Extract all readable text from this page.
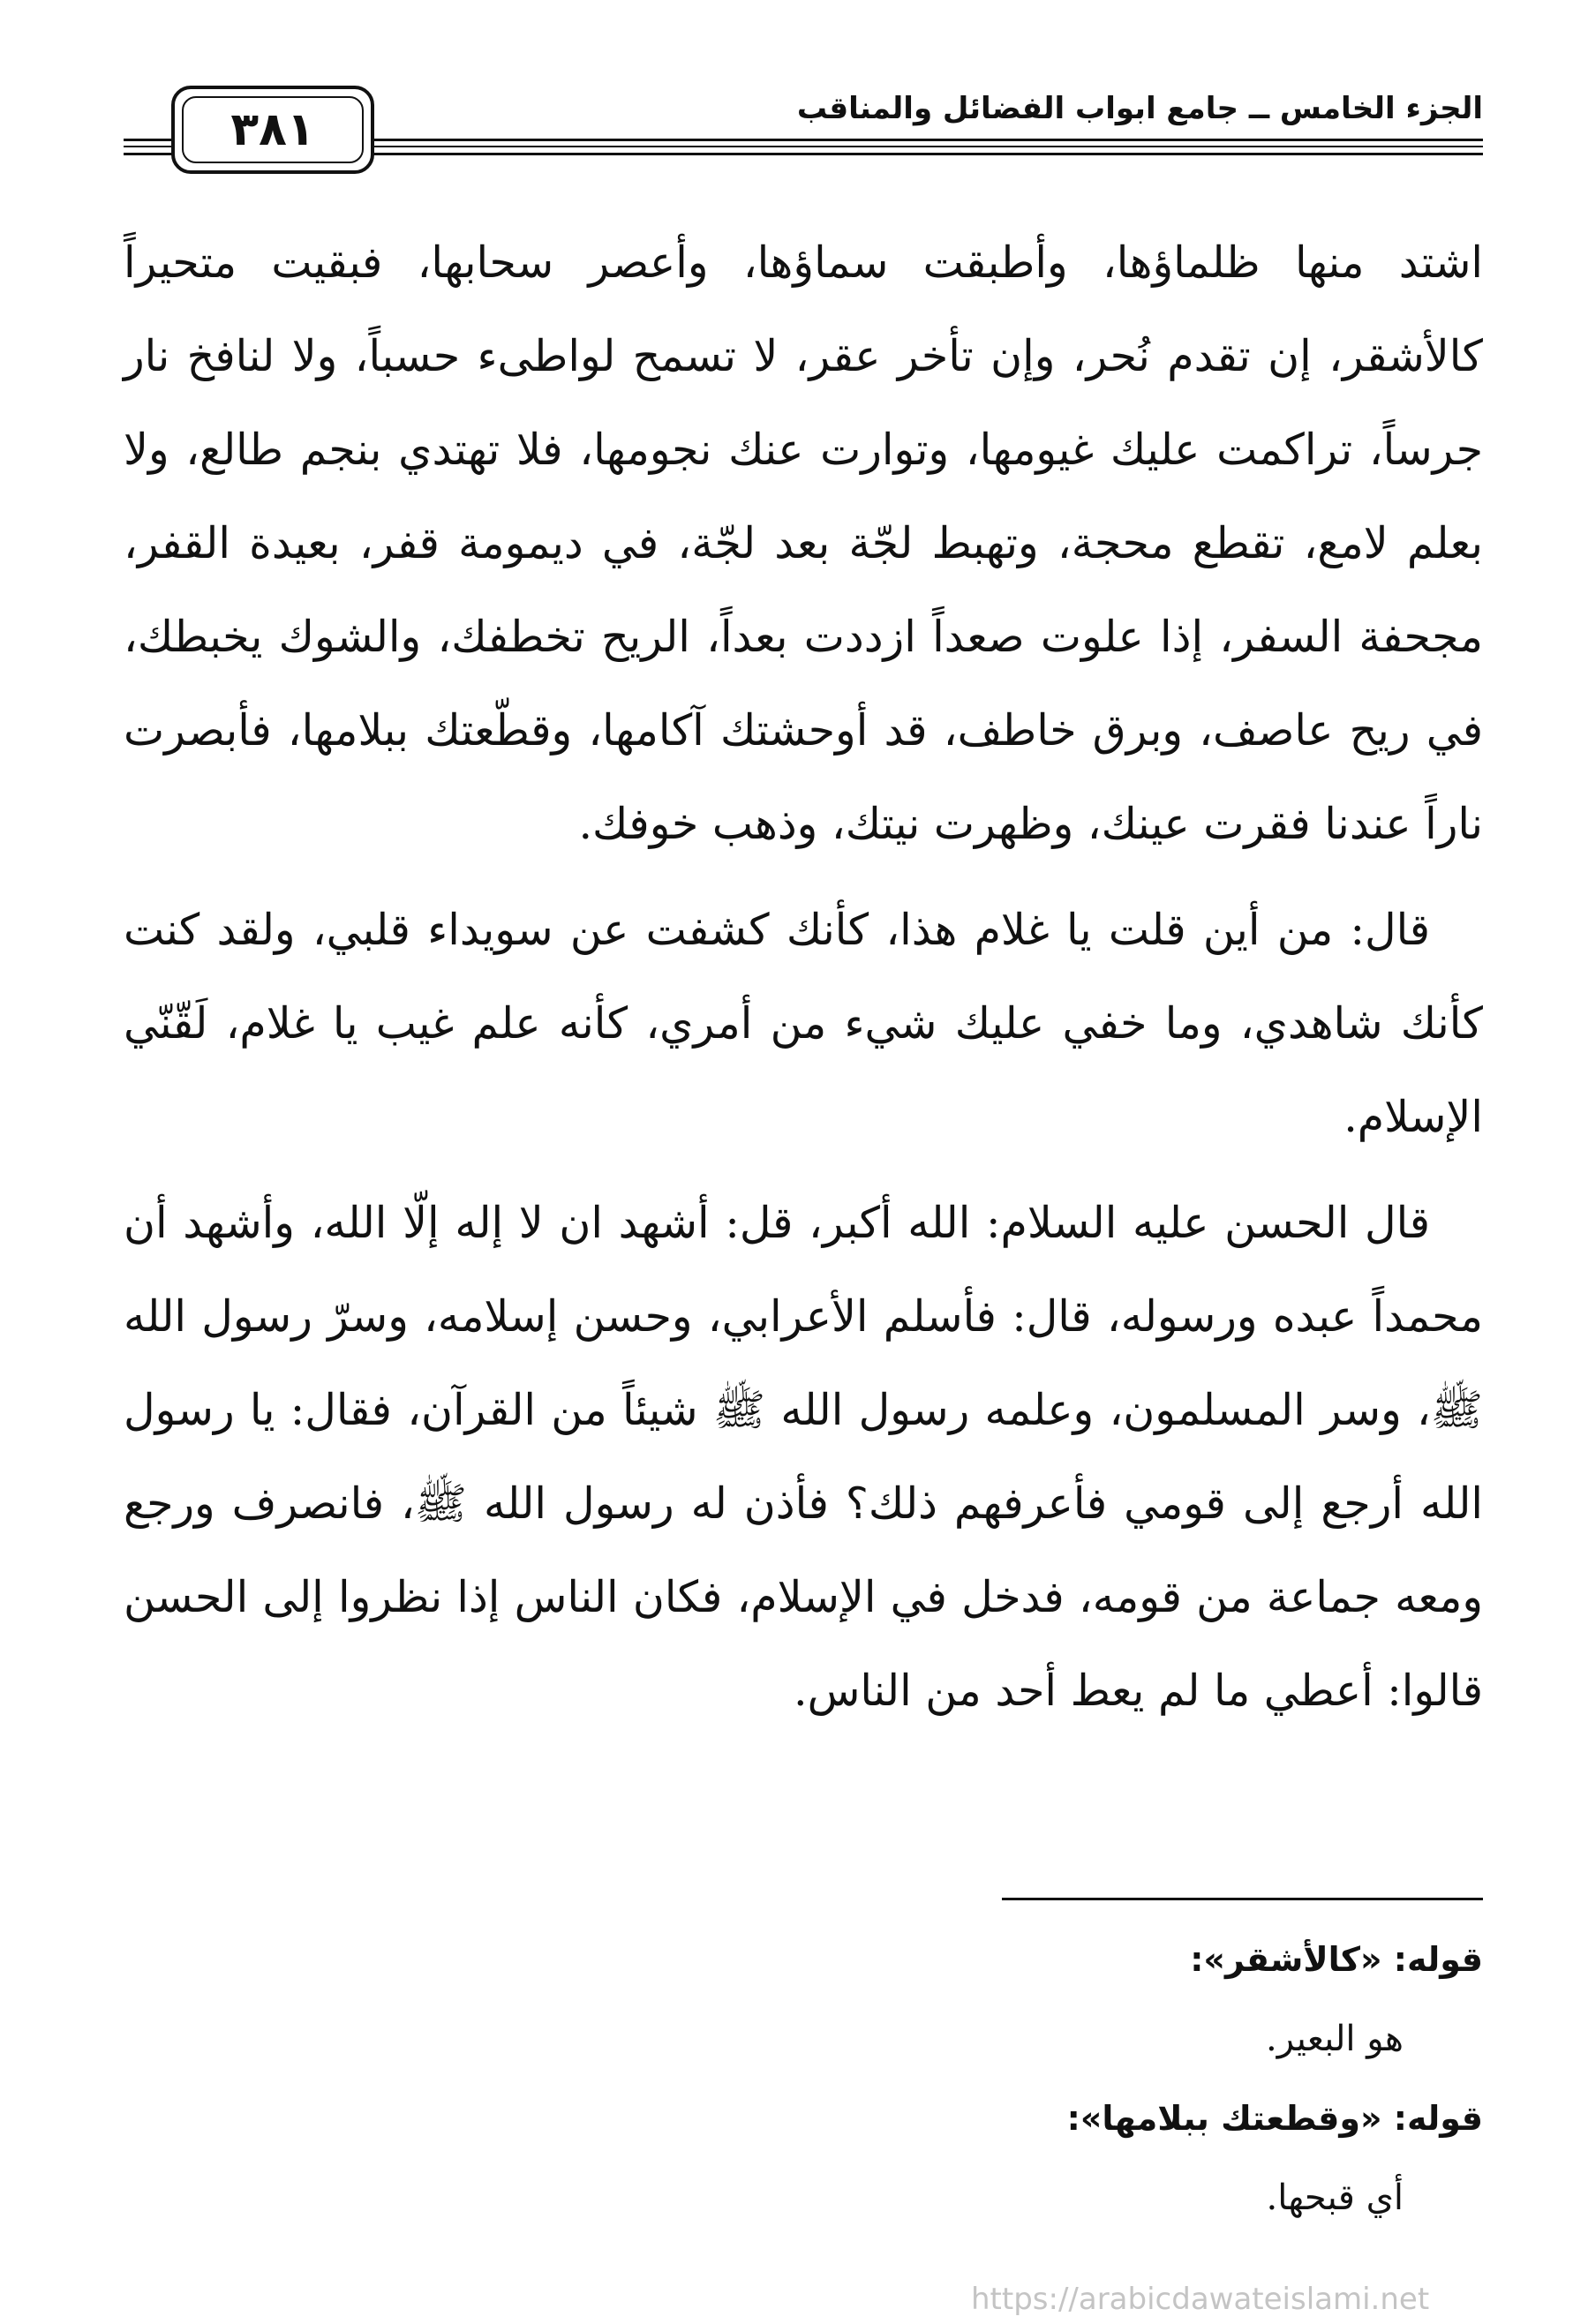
الجزء الخامس ــ جامع ابواب الفضائل والمناقب
٣٨١

اشتد منها ظلماؤها، وأطبقت سماؤها، وأعصر سحابها، فبقيت متحيراً كالأشقر، إن تقدم نُحر، وإن تأخر عقر، لا تسمح لواطىء حسباً، ولا لنافخ نار جرساً، تراكمت عليك غيومها، وتوارت عنك نجومها، فلا تهتدي بنجم طالع، ولا بعلم لامع، تقطع محجة، وتهبط لجّة بعد لجّة، في ديمومة قفر، بعيدة القفر، مجحفة السفر، إذا علوت صعداً ازددت بعداً، الريح تخطفك، والشوك يخبطك، في ريح عاصف، وبرق خاطف، قد أوحشتك آكامها، وقطّعتك ببلامها، فأبصرت ناراً عندنا فقرت عينك، وظهرت نيتك، وذهب خوفك.

قال: من أين قلت يا غلام هذا، كأنك كشفت عن سويداء قلبي، ولقد كنت كأنك شاهدي، وما خفي عليك شيء من أمري، كأنه علم غيب يا غلام، لَقّنّي الإسلام.

قال الحسن عليه السلام: الله أكبر، قل: أشهد ان لا إله إلّا الله، وأشهد أن محمداً عبده ورسوله، قال: فأسلم الأعرابي، وحسن إسلامه، وسرّ رسول الله ﷺ، وسر المسلمون، وعلمه رسول الله ﷺ شيئاً من القرآن، فقال: يا رسول الله أرجع إلى قومي فأعرفهم ذلك؟ فأذن له رسول الله ﷺ، فانصرف ورجع ومعه جماعة من قومه، فدخل في الإسلام، فكان الناس إذا نظروا إلى الحسن قالوا: أعطي ما لم يعط أحد من الناس.

قوله: «كالأشقر»:

هو البعير.

قوله: «وقطعتك ببلامها»:

أي قبحها.

https://arabicdawateislami.net
